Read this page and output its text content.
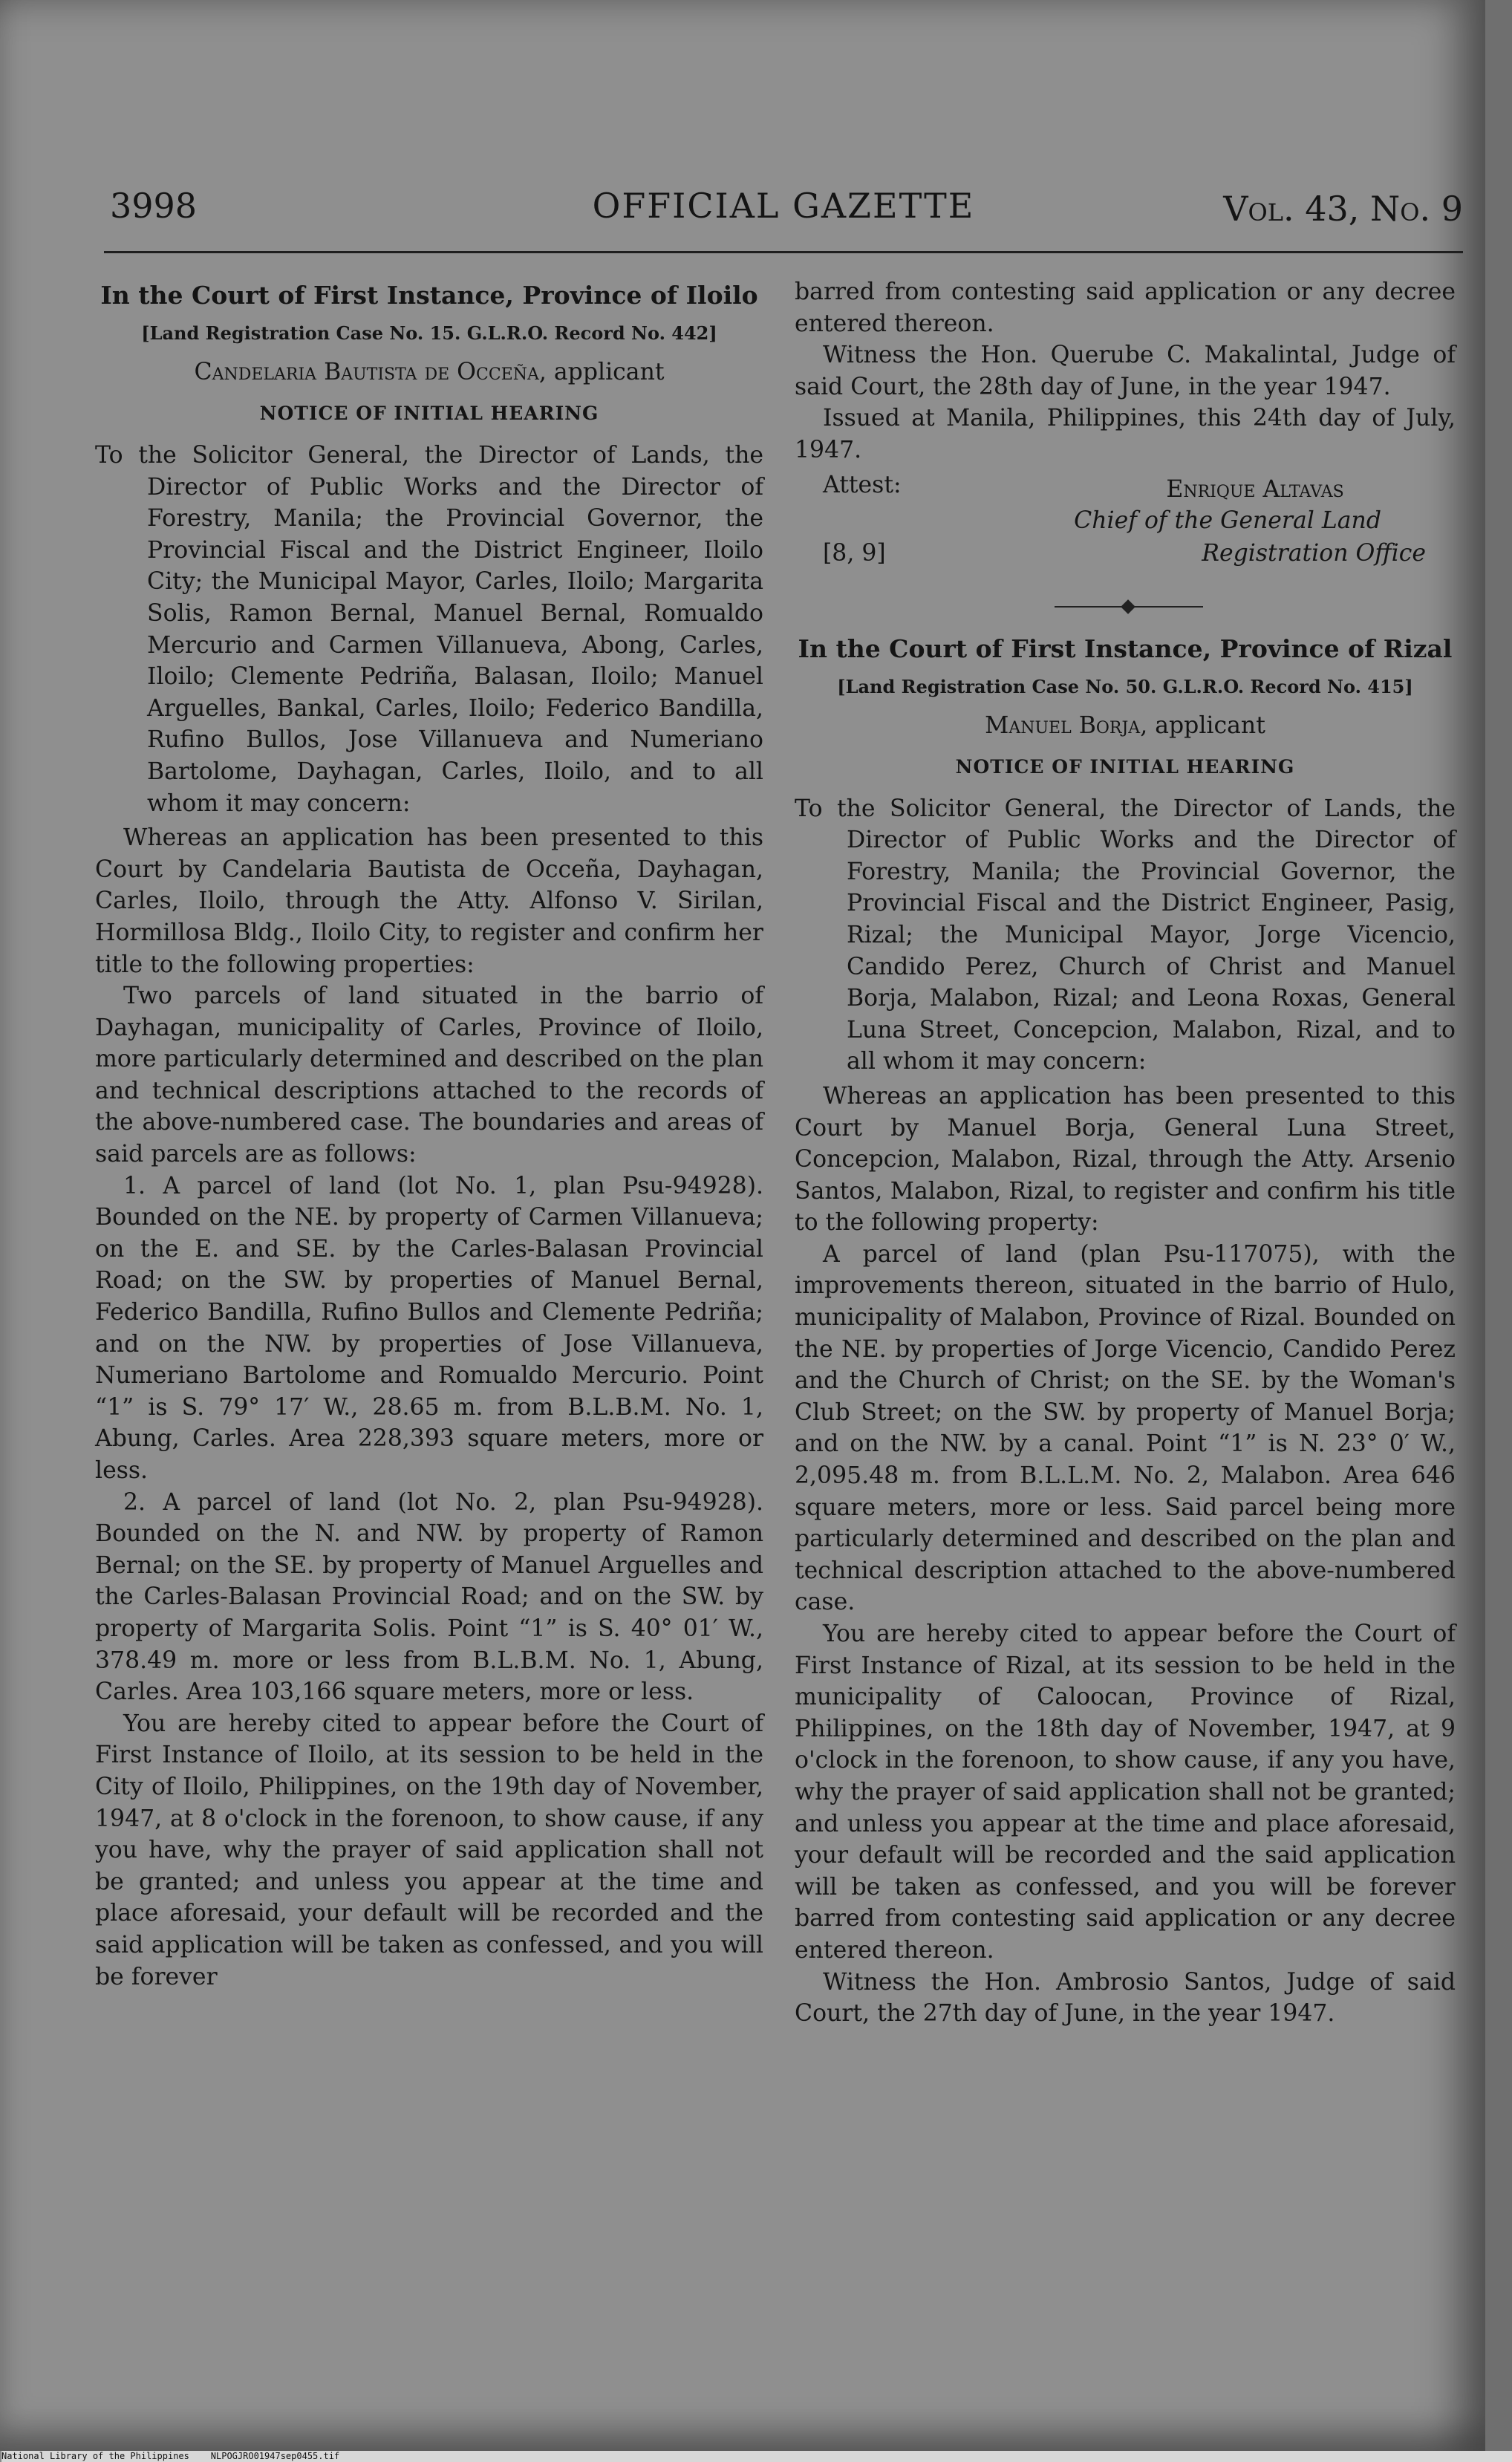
3998	OFFICIAL GAZETTE	Vol. 43, No. 9
In the Court of First Instance, Province of Iloilo
[Land Registration Case No. 15. G.L.R.O. Record No. 442]
Candelaria Bautista de Occeña, applicant
NOTICE OF INITIAL HEARING

To the Solicitor General, the Director of Lands, the Director of Public Works and the Director of Forestry, Manila; the Provincial Governor, the Provincial Fiscal and the District Engineer, Iloilo City; the Municipal Mayor, Carles, Iloilo; Margarita Solis, Ramon Bernal, Manuel Bernal, Romualdo Mercurio and Carmen Villanueva, Abong, Carles, Iloilo; Clemente Pedriña, Balasan, Iloilo; Manuel Arguelles, Bankal, Carles, Iloilo; Federico Bandilla, Rufino Bullos, Jose Villanueva and Numeriano Bartolome, Dayhagan, Carles, Iloilo, and to all whom it may concern:

Whereas an application has been presented to this Court by Candelaria Bautista de Occeña, Dayhagan, Carles, Iloilo, through the Atty. Alfonso V. Sirilan, Hormillosa Bldg., Iloilo City, to register and confirm her title to the following properties:

Two parcels of land situated in the barrio of Dayhagan, municipality of Carles, Province of Iloilo, more particularly determined and described on the plan and technical descriptions attached to the records of the above-numbered case. The boundaries and areas of said parcels are as follows:

1. A parcel of land (lot No. 1, plan Psu-94928). Bounded on the NE. by property of Carmen Villanueva; on the E. and SE. by the Carles-Balasan Provincial Road; on the SW. by properties of Manuel Bernal, Federico Bandilla, Rufino Bullos and Clemente Pedriña; and on the NW. by properties of Jose Villanueva, Numeriano Bartolome and Romualdo Mercurio. Point “1” is S. 79° 17′ W., 28.65 m. from B.L.B.M. No. 1, Abung, Carles. Area 228,393 square meters, more or less.

2. A parcel of land (lot No. 2, plan Psu-94928). Bounded on the N. and NW. by property of Ramon Bernal; on the SE. by property of Manuel Arguelles and the Carles-Balasan Provincial Road; and on the SW. by property of Margarita Solis. Point “1” is S. 40° 01′ W., 378.49 m. more or less from B.L.B.M. No. 1, Abung, Carles. Area 103,166 square meters, more or less.

You are hereby cited to appear before the Court of First Instance of Iloilo, at its session to be held in the City of Iloilo, Philippines, on the 19th day of November, 1947, at 8 o'clock in the forenoon, to show cause, if any you have, why the prayer of said application shall not be granted; and unless you appear at the time and place aforesaid, your default will be recorded and the said application will be taken as confessed, and you will be forever

barred from contesting said application or any decree entered thereon.

Witness the Hon. Querube C. Makalintal, Judge of said Court, the 28th day of June, in the year 1947.

Issued at Manila, Philippines, this 24th day of July, 1947.

Attest:	Enrique Altavas
Chief of the General Land
[8, 9]	Registration Office
In the Court of First Instance, Province of Rizal
[Land Registration Case No. 50. G.L.R.O. Record No. 415]
Manuel Borja, applicant
NOTICE OF INITIAL HEARING

To the Solicitor General, the Director of Lands, the Director of Public Works and the Director of Forestry, Manila; the Provincial Governor, the Provincial Fiscal and the District Engineer, Pasig, Rizal; the Municipal Mayor, Jorge Vicencio, Candido Perez, Church of Christ and Manuel Borja, Malabon, Rizal; and Leona Roxas, General Luna Street, Concepcion, Malabon, Rizal, and to all whom it may concern:

Whereas an application has been presented to this Court by Manuel Borja, General Luna Street, Concepcion, Malabon, Rizal, through the Atty. Arsenio Santos, Malabon, Rizal, to register and confirm his title to the following property:

A parcel of land (plan Psu-117075), with the improvements thereon, situated in the barrio of Hulo, municipality of Malabon, Province of Rizal. Bounded on the NE. by properties of Jorge Vicencio, Candido Perez and the Church of Christ; on the SE. by the Woman's Club Street; on the SW. by property of Manuel Borja; and on the NW. by a canal. Point “1” is N. 23° 0′ W., 2,095.48 m. from B.L.L.M. No. 2, Malabon. Area 646 square meters, more or less. Said parcel being more particularly determined and described on the plan and technical description attached to the above-numbered case.

You are hereby cited to appear before the Court of First Instance of Rizal, at its session to be held in the municipality of Caloocan, Province of Rizal, Philippines, on the 18th day of November, 1947, at 9 o'clock in the forenoon, to show cause, if any you have, why the prayer of said application shall not be granted; and unless you appear at the time and place aforesaid, your default will be recorded and the said application will be taken as confessed, and you will be forever barred from contesting said application or any decree entered thereon.

Witness the Hon. Ambrosio Santos, Judge of said Court, the 27th day of June, in the year 1947.

National Library of the Philippines NLPOGJRO01947sep0455.tif
